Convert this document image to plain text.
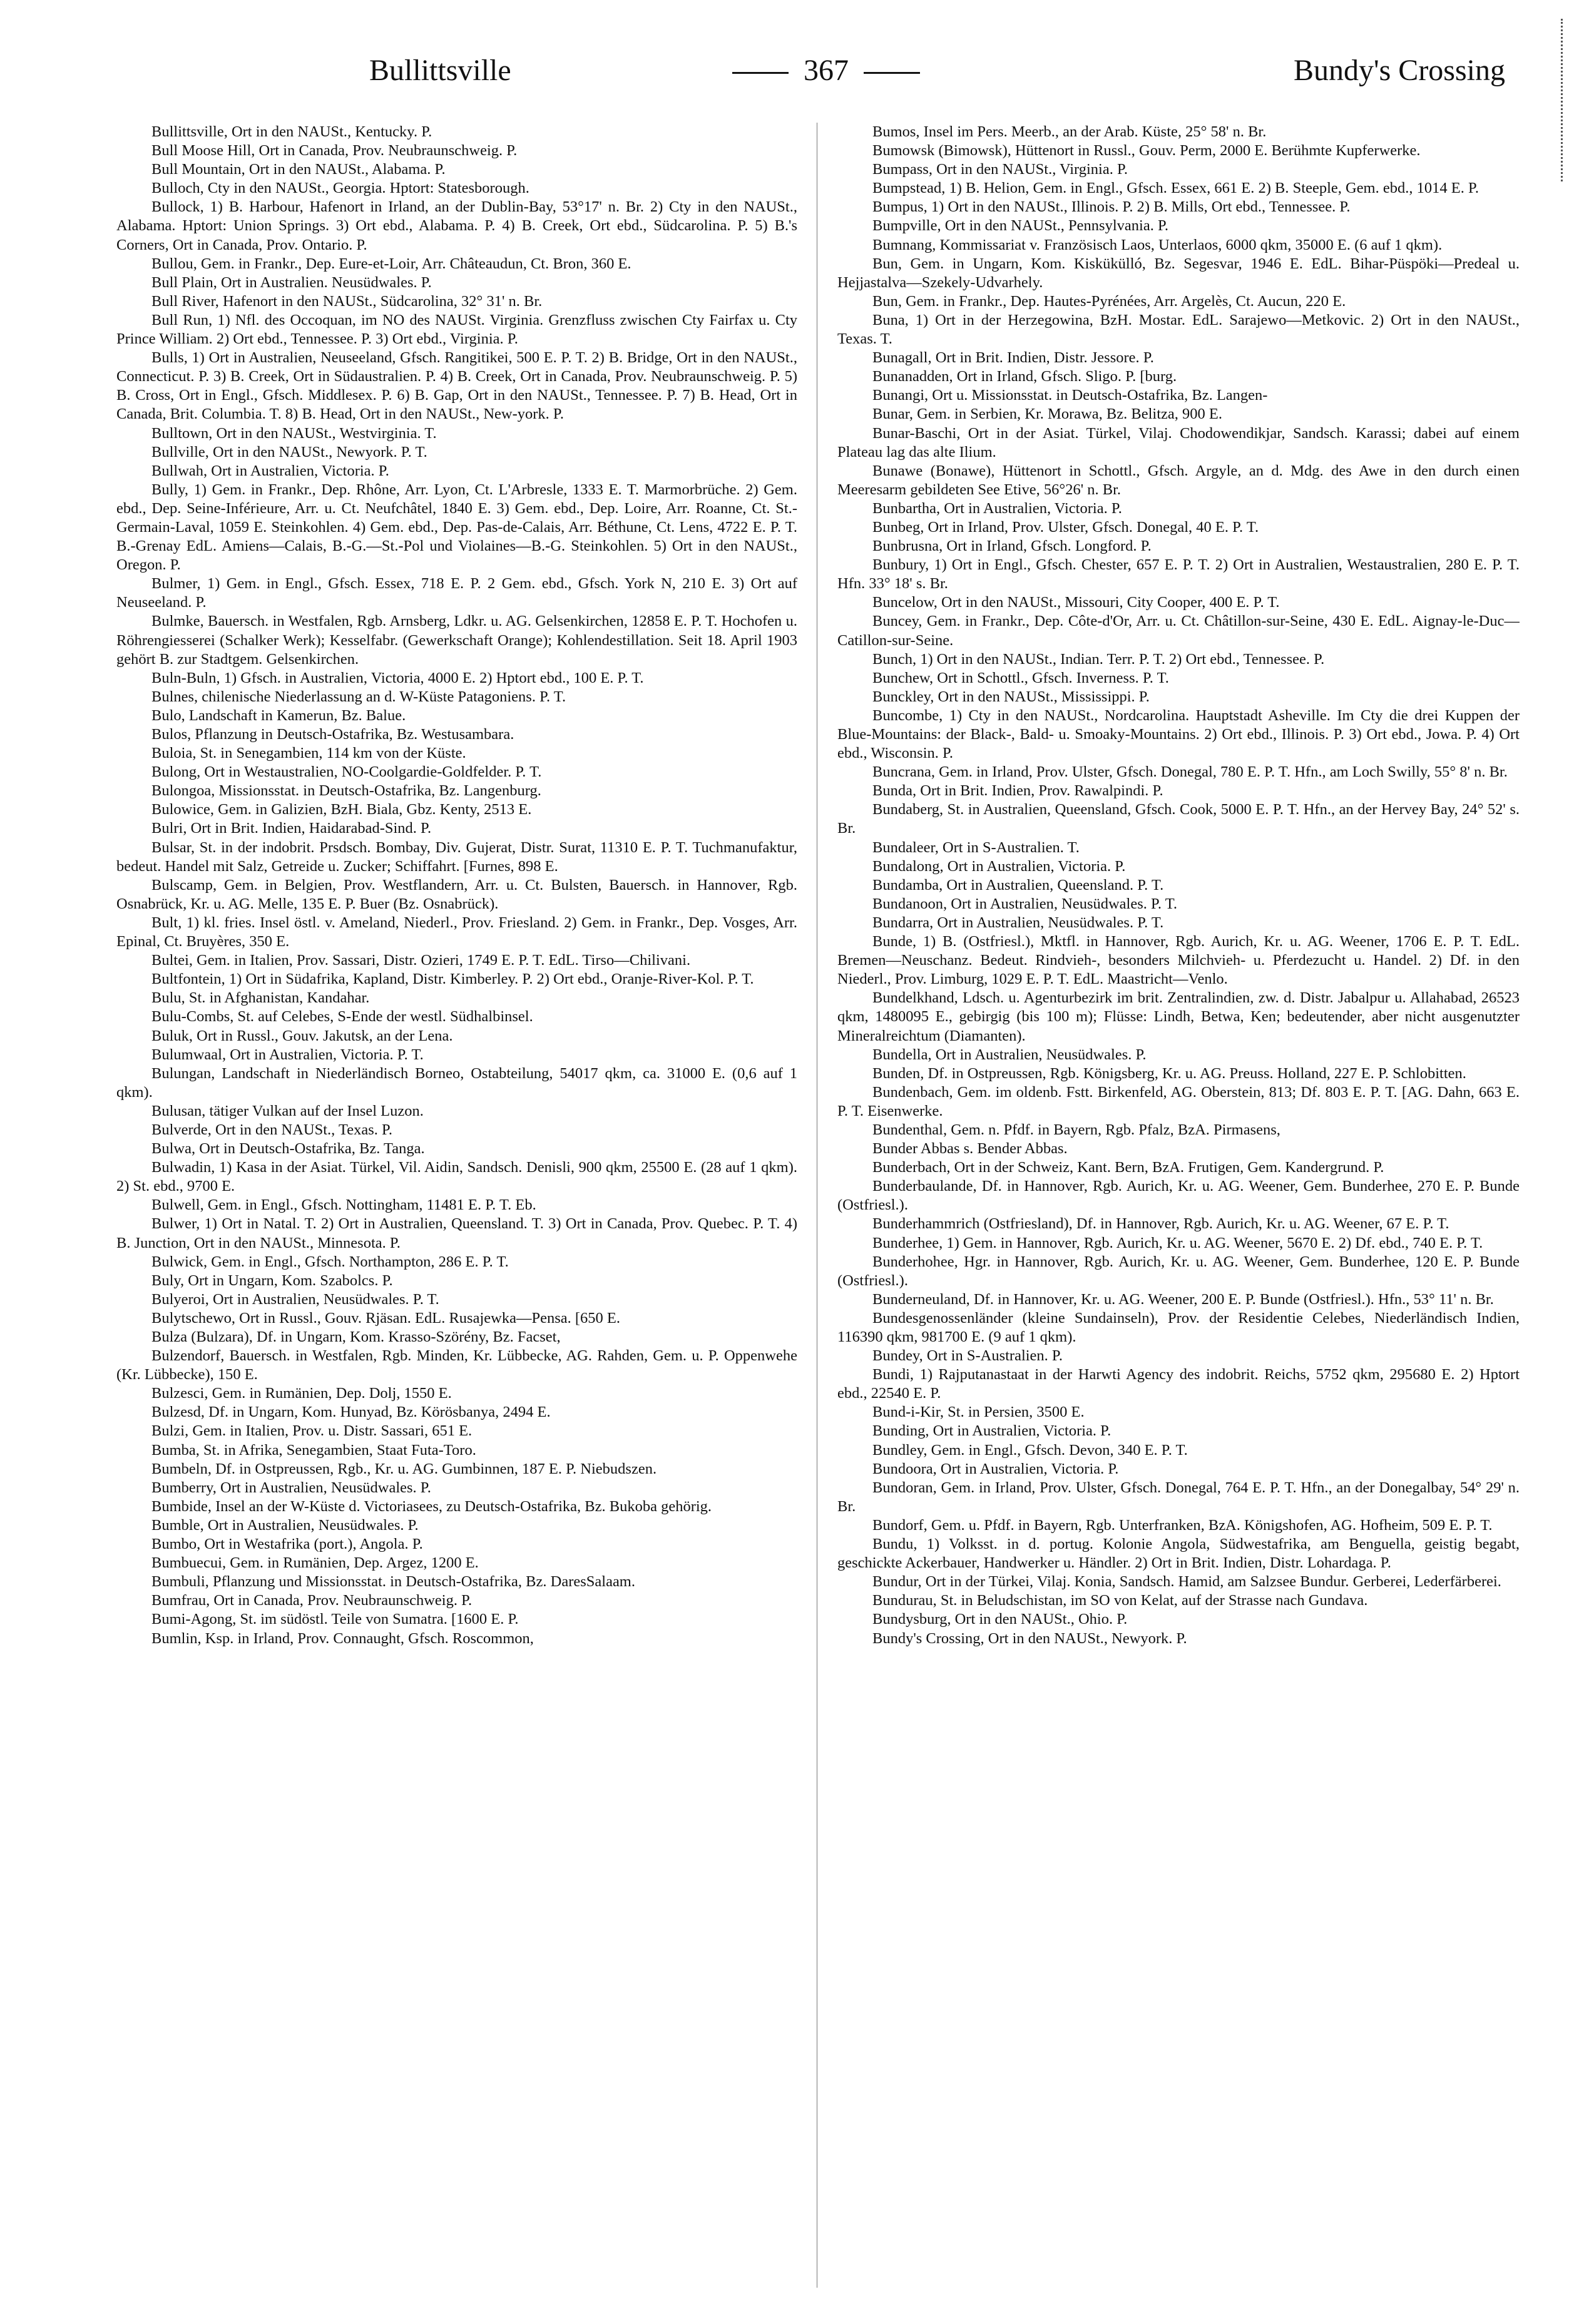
Bullittsville	367	Bundy's Crossing

Bullittsville, Ort in den NAUSt., Kentucky. P.

Bull Moose Hill, Ort in Canada, Prov. Neubraunschweig. P.

Bull Mountain, Ort in den NAUSt., Alabama. P.

Bulloch, Cty in den NAUSt., Georgia. Hptort: Statesborough.

Bullock, 1) B. Harbour, Hafenort in Irland, an der Dublin-Bay, 53°17' n. Br. 2) Cty in den NAUSt., Alabama. Hptort: Union Springs. 3) Ort ebd., Alabama. P. 4) B. Creek, Ort ebd., Südcarolina. P. 5) B.'s Corners, Ort in Canada, Prov. Ontario. P.

Bullou, Gem. in Frankr., Dep. Eure-et-Loir, Arr. Châteaudun, Ct. Bron, 360 E.

Bull Plain, Ort in Australien. Neusüdwales. P.

Bull River, Hafenort in den NAUSt., Südcarolina, 32° 31' n. Br.

Bull Run, 1) Nfl. des Occoquan, im NO des NAUSt. Virginia. Grenzfluss zwischen Cty Fairfax u. Cty Prince William. 2) Ort ebd., Tennessee. P. 3) Ort ebd., Virginia. P.

Bulls, 1) Ort in Australien, Neuseeland, Gfsch. Rangitikei, 500 E. P. T. 2) B. Bridge, Ort in den NAUSt., Connecticut. P. 3) B. Creek, Ort in Südaustralien. P. 4) B. Creek, Ort in Canada, Prov. Neubraunschweig. P. 5) B. Cross, Ort in Engl., Gfsch. Middlesex. P. 6) B. Gap, Ort in den NAUSt., Tennessee. P. 7) B. Head, Ort in Canada, Brit. Columbia. T. 8) B. Head, Ort in den NAUSt., New-york. P.

Bulltown, Ort in den NAUSt., Westvirginia. T.

Bullville, Ort in den NAUSt., Newyork. P. T.

Bullwah, Ort in Australien, Victoria. P.

Bully, 1) Gem. in Frankr., Dep. Rhône, Arr. Lyon, Ct. L'Arbresle, 1333 E. T. Marmorbrüche. 2) Gem. ebd., Dep. Seine-Inférieure, Arr. u. Ct. Neufchâtel, 1840 E. 3) Gem. ebd., Dep. Loire, Arr. Roanne, Ct. St.-Germain-Laval, 1059 E. Steinkohlen. 4) Gem. ebd., Dep. Pas-de-Calais, Arr. Béthune, Ct. Lens, 4722 E. P. T. B.-Grenay EdL. Amiens—Calais, B.-G.—St.-Pol und Violaines—B.-G. Steinkohlen. 5) Ort in den NAUSt., Oregon. P.

Bulmer, 1) Gem. in Engl., Gfsch. Essex, 718 E. P. 2 Gem. ebd., Gfsch. York N, 210 E. 3) Ort auf Neuseeland. P.

Bulmke, Bauersch. in Westfalen, Rgb. Arnsberg, Ldkr. u. AG. Gelsenkirchen, 12858 E. P. T. Hochofen u. Röhrengiesserei (Schalker Werk); Kesselfabr. (Gewerkschaft Orange); Kohlendestillation. Seit 18. April 1903 gehört B. zur Stadtgem. Gelsenkirchen.

Buln-Buln, 1) Gfsch. in Australien, Victoria, 4000 E. 2) Hptort ebd., 100 E. P. T.

Bulnes, chilenische Niederlassung an d. W-Küste Patagoniens. P. T.

Bulo, Landschaft in Kamerun, Bz. Balue.

Bulos, Pflanzung in Deutsch-Ostafrika, Bz. Westusambara.

Buloia, St. in Senegambien, 114 km von der Küste.

Bulong, Ort in Westaustralien, NO-Coolgardie-Goldfelder. P. T.

Bulongoa, Missionsstat. in Deutsch-Ostafrika, Bz. Langenburg.

Bulowice, Gem. in Galizien, BzH. Biala, Gbz. Kenty, 2513 E.

Bulri, Ort in Brit. Indien, Haidarabad-Sind. P.

Bulsar, St. in der indobrit. Prsdsch. Bombay, Div. Gujerat, Distr. Surat, 11310 E. P. T. Tuchmanufaktur, bedeut. Handel mit Salz, Getreide u. Zucker; Schiffahrt. [Furnes, 898 E.

Bulscamp, Gem. in Belgien, Prov. Westflandern, Arr. u. Ct. Bulsten, Bauersch. in Hannover, Rgb. Osnabrück, Kr. u. AG. Melle, 135 E. P. Buer (Bz. Osnabrück).

Bult, 1) kl. fries. Insel östl. v. Ameland, Niederl., Prov. Friesland. 2) Gem. in Frankr., Dep. Vosges, Arr. Epinal, Ct. Bruyères, 350 E.

Bultei, Gem. in Italien, Prov. Sassari, Distr. Ozieri, 1749 E. P. T. EdL. Tirso—Chilivani.

Bultfontein, 1) Ort in Südafrika, Kapland, Distr. Kimberley. P. 2) Ort ebd., Oranje-River-Kol. P. T.

Bulu, St. in Afghanistan, Kandahar.

Bulu-Combs, St. auf Celebes, S-Ende der westl. Südhalbinsel.

Buluk, Ort in Russl., Gouv. Jakutsk, an der Lena.

Bulumwaal, Ort in Australien, Victoria. P. T.

Bulungan, Landschaft in Niederländisch Borneo, Ostabteilung, 54017 qkm, ca. 31000 E. (0,6 auf 1 qkm).

Bulusan, tätiger Vulkan auf der Insel Luzon.

Bulverde, Ort in den NAUSt., Texas. P.

Bulwa, Ort in Deutsch-Ostafrika, Bz. Tanga.

Bulwadin, 1) Kasa in der Asiat. Türkel, Vil. Aidin, Sandsch. Denisli, 900 qkm, 25500 E. (28 auf 1 qkm). 2) St. ebd., 9700 E.

Bulwell, Gem. in Engl., Gfsch. Nottingham, 11481 E. P. T. Eb.

Bulwer, 1) Ort in Natal. T. 2) Ort in Australien, Queensland. T. 3) Ort in Canada, Prov. Quebec. P. T. 4) B. Junction, Ort in den NAUSt., Minnesota. P.

Bulwick, Gem. in Engl., Gfsch. Northampton, 286 E. P. T.

Buly, Ort in Ungarn, Kom. Szabolcs. P.

Bulyeroi, Ort in Australien, Neusüdwales. P. T.

Bulytschewo, Ort in Russl., Gouv. Rjäsan. EdL. Rusajewka—Pensa. [650 E.

Bulza (Bulzara), Df. in Ungarn, Kom. Krasso-Szörény, Bz. Facset,

Bulzendorf, Bauersch. in Westfalen, Rgb. Minden, Kr. Lübbecke, AG. Rahden, Gem. u. P. Oppenwehe (Kr. Lübbecke), 150 E.

Bulzesci, Gem. in Rumänien, Dep. Dolj, 1550 E.

Bulzesd, Df. in Ungarn, Kom. Hunyad, Bz. Körösbanya, 2494 E.

Bulzi, Gem. in Italien, Prov. u. Distr. Sassari, 651 E.

Bumba, St. in Afrika, Senegambien, Staat Futa-Toro.

Bumbeln, Df. in Ostpreussen, Rgb., Kr. u. AG. Gumbinnen, 187 E. P. Niebudszen.

Bumberry, Ort in Australien, Neusüdwales. P.

Bumbide, Insel an der W-Küste d. Victoriasees, zu Deutsch-Ostafrika, Bz. Bukoba gehörig.

Bumble, Ort in Australien, Neusüdwales. P.

Bumbo, Ort in Westafrika (port.), Angola. P.

Bumbuecui, Gem. in Rumänien, Dep. Argez, 1200 E.

Bumbuli, Pflanzung und Missionsstat. in Deutsch-Ostafrika, Bz. DaresSalaam.

Bumfrau, Ort in Canada, Prov. Neubraunschweig. P.

Bumi-Agong, St. im südöstl. Teile von Sumatra. [1600 E. P.

Bumlin, Ksp. in Irland, Prov. Connaught, Gfsch. Roscommon,

Bumos, Insel im Pers. Meerb., an der Arab. Küste, 25° 58' n. Br.

Bumowsk (Bimowsk), Hüttenort in Russl., Gouv. Perm, 2000 E. Berühmte Kupferwerke.

Bumpass, Ort in den NAUSt., Virginia. P.

Bumpstead, 1) B. Helion, Gem. in Engl., Gfsch. Essex, 661 E. 2) B. Steeple, Gem. ebd., 1014 E. P.

Bumpus, 1) Ort in den NAUSt., Illinois. P. 2) B. Mills, Ort ebd., Tennessee. P.

Bumpville, Ort in den NAUSt., Pennsylvania. P.

Bumnang, Kommissariat v. Französisch Laos, Unterlaos, 6000 qkm, 35000 E. (6 auf 1 qkm).

Bun, Gem. in Ungarn, Kom. Kiskükülló, Bz. Segesvar, 1946 E. EdL. Bihar-Püspöki—Predeal u. Hejjastalva—Szekely-Udvarhely.

Bun, Gem. in Frankr., Dep. Hautes-Pyrénées, Arr. Argelès, Ct. Aucun, 220 E.

Buna, 1) Ort in der Herzegowina, BzH. Mostar. EdL. Sarajewo—Metkovic. 2) Ort in den NAUSt., Texas. T.

Bunagall, Ort in Brit. Indien, Distr. Jessore. P.

Bunanadden, Ort in Irland, Gfsch. Sligo. P. [burg.

Bunangi, Ort u. Missionsstat. in Deutsch-Ostafrika, Bz. Langen-

Bunar, Gem. in Serbien, Kr. Morawa, Bz. Belitza, 900 E.

Bunar-Baschi, Ort in der Asiat. Türkel, Vilaj. Chodowendikjar, Sandsch. Karassi; dabei auf einem Plateau lag das alte Ilium.

Bunawe (Bonawe), Hüttenort in Schottl., Gfsch. Argyle, an d. Mdg. des Awe in den durch einen Meeresarm gebildeten See Etive, 56°26' n. Br.

Bunbartha, Ort in Australien, Victoria. P.

Bunbeg, Ort in Irland, Prov. Ulster, Gfsch. Donegal, 40 E. P. T.

Bunbrusna, Ort in Irland, Gfsch. Longford. P.

Bunbury, 1) Ort in Engl., Gfsch. Chester, 657 E. P. T. 2) Ort in Australien, Westaustralien, 280 E. P. T. Hfn. 33° 18' s. Br.

Buncelow, Ort in den NAUSt., Missouri, City Cooper, 400 E. P. T.

Buncey, Gem. in Frankr., Dep. Côte-d'Or, Arr. u. Ct. Châtillon-sur-Seine, 430 E. EdL. Aignay-le-Duc—Catillon-sur-Seine.

Bunch, 1) Ort in den NAUSt., Indian. Terr. P. T. 2) Ort ebd., Tennessee. P.

Bunchew, Ort in Schottl., Gfsch. Inverness. P. T.

Bunckley, Ort in den NAUSt., Mississippi. P.

Buncombe, 1) Cty in den NAUSt., Nordcarolina. Hauptstadt Asheville. Im Cty die drei Kuppen der Blue-Mountains: der Black-, Bald- u. Smoaky-Mountains. 2) Ort ebd., Illinois. P. 3) Ort ebd., Jowa. P. 4) Ort ebd., Wisconsin. P.

Buncrana, Gem. in Irland, Prov. Ulster, Gfsch. Donegal, 780 E. P. T. Hfn., am Loch Swilly, 55° 8' n. Br.

Bunda, Ort in Brit. Indien, Prov. Rawalpindi. P.

Bundaberg, St. in Australien, Queensland, Gfsch. Cook, 5000 E. P. T. Hfn., an der Hervey Bay, 24° 52' s. Br.

Bundaleer, Ort in S-Australien. T.

Bundalong, Ort in Australien, Victoria. P.

Bundamba, Ort in Australien, Queensland. P. T.

Bundanoon, Ort in Australien, Neusüdwales. P. T.

Bundarra, Ort in Australien, Neusüdwales. P. T.

Bunde, 1) B. (Ostfriesl.), Mktfl. in Hannover, Rgb. Aurich, Kr. u. AG. Weener, 1706 E. P. T. EdL. Bremen—Neuschanz. Bedeut. Rindvieh-, besonders Milchvieh- u. Pferdezucht u. Handel. 2) Df. in den Niederl., Prov. Limburg, 1029 E. P. T. EdL. Maastricht—Venlo.

Bundelkhand, Ldsch. u. Agenturbezirk im brit. Zentralindien, zw. d. Distr. Jabalpur u. Allahabad, 26523 qkm, 1480095 E., gebirgig (bis 100 m); Flüsse: Lindh, Betwa, Ken; bedeutender, aber nicht ausgenutzter Mineralreichtum (Diamanten).

Bundella, Ort in Australien, Neusüdwales. P.

Bunden, Df. in Ostpreussen, Rgb. Königsberg, Kr. u. AG. Preuss. Holland, 227 E. P. Schlobitten.

Bundenbach, Gem. im oldenb. Fstt. Birkenfeld, AG. Oberstein, 813; Df. 803 E. P. T. [AG. Dahn, 663 E. P. T. Eisenwerke.

Bundenthal, Gem. n. Pfdf. in Bayern, Rgb. Pfalz, BzA. Pirmasens,

Bunder Abbas s. Bender Abbas.

Bunderbach, Ort in der Schweiz, Kant. Bern, BzA. Frutigen, Gem. Kandergrund. P.

Bunderbaulande, Df. in Hannover, Rgb. Aurich, Kr. u. AG. Weener, Gem. Bunderhee, 270 E. P. Bunde (Ostfriesl.).

Bunderhammrich (Ostfriesland), Df. in Hannover, Rgb. Aurich, Kr. u. AG. Weener, 67 E. P. T.

Bunderhee, 1) Gem. in Hannover, Rgb. Aurich, Kr. u. AG. Weener, 5670 E. 2) Df. ebd., 740 E. P. T.

Bunderhohee, Hgr. in Hannover, Rgb. Aurich, Kr. u. AG. Weener, Gem. Bunderhee, 120 E. P. Bunde (Ostfriesl.).

Bunderneuland, Df. in Hannover, Kr. u. AG. Weener, 200 E. P. Bunde (Ostfriesl.). Hfn., 53° 11' n. Br.

Bundesgenossenländer (kleine Sundainseln), Prov. der Residentie Celebes, Niederländisch Indien, 116390 qkm, 981700 E. (9 auf 1 qkm).

Bundey, Ort in S-Australien. P.

Bundi, 1) Rajputanastaat in der Harwti Agency des indobrit. Reichs, 5752 qkm, 295680 E. 2) Hptort ebd., 22540 E. P.

Bund-i-Kir, St. in Persien, 3500 E.

Bunding, Ort in Australien, Victoria. P.

Bundley, Gem. in Engl., Gfsch. Devon, 340 E. P. T.

Bundoora, Ort in Australien, Victoria. P.

Bundoran, Gem. in Irland, Prov. Ulster, Gfsch. Donegal, 764 E. P. T. Hfn., an der Donegalbay, 54° 29' n. Br.

Bundorf, Gem. u. Pfdf. in Bayern, Rgb. Unterfranken, BzA. Königshofen, AG. Hofheim, 509 E. P. T.

Bundu, 1) Volksst. in d. portug. Kolonie Angola, Südwestafrika, am Benguella, geistig begabt, geschickte Ackerbauer, Handwerker u. Händler. 2) Ort in Brit. Indien, Distr. Lohardaga. P.

Bundur, Ort in der Türkei, Vilaj. Konia, Sandsch. Hamid, am Salzsee Bundur. Gerberei, Lederfärberei.

Bundurau, St. in Beludschistan, im SO von Kelat, auf der Strasse nach Gundava.

Bundysburg, Ort in den NAUSt., Ohio. P.

Bundy's Crossing, Ort in den NAUSt., Newyork. P.
